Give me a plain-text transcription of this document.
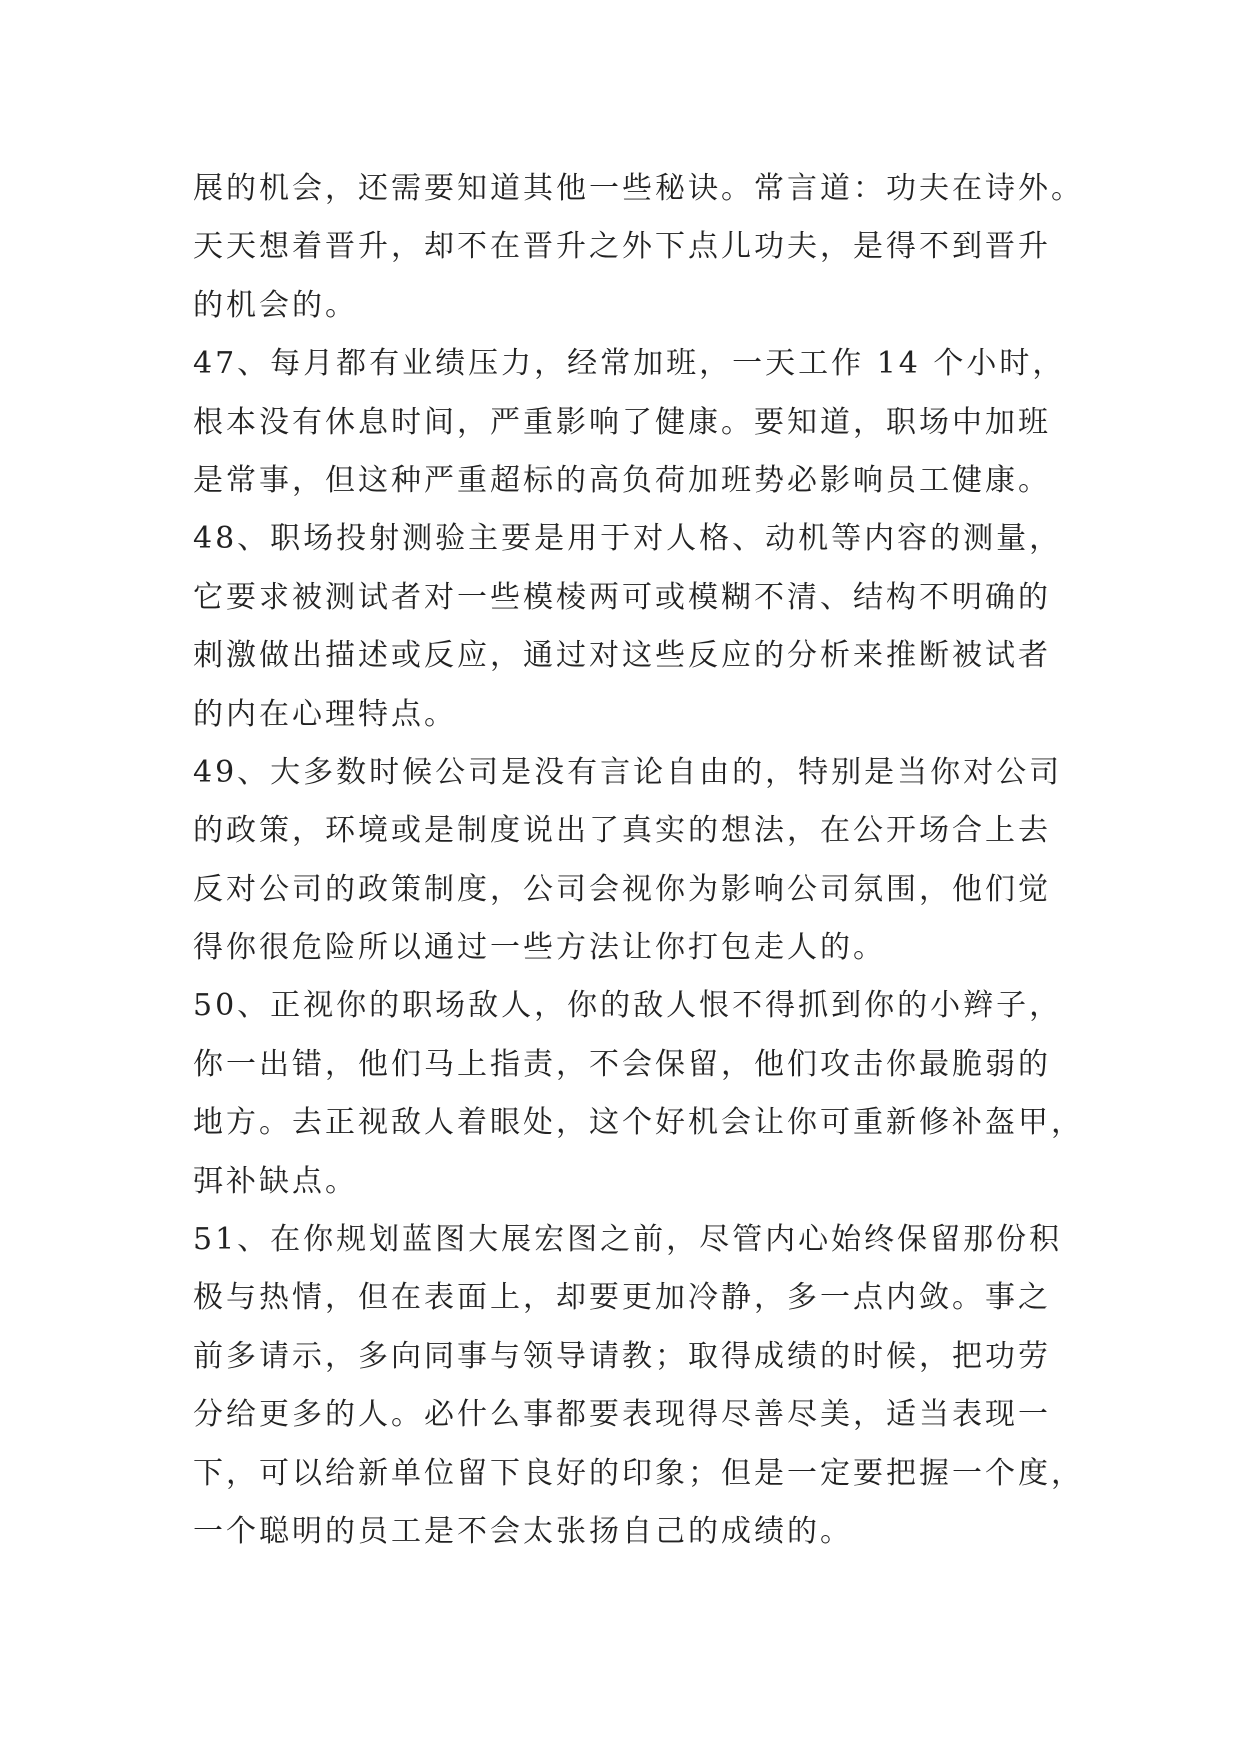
展的机会，还需要知道其他一些秘诀。常言道：功夫在诗外。
天天想着晋升，却不在晋升之外下点儿功夫，是得不到晋升
的机会的。
47、每月都有业绩压力，经常加班，一天工作 14 个小时，
根本没有休息时间，严重影响了健康。要知道，职场中加班
是常事，但这种严重超标的高负荷加班势必影响员工健康。
48、职场投射测验主要是用于对人格、动机等内容的测量，
它要求被测试者对一些模棱两可或模糊不清、结构不明确的
刺激做出描述或反应，通过对这些反应的分析来推断被试者
的内在心理特点。
49、大多数时候公司是没有言论自由的，特别是当你对公司
的政策，环境或是制度说出了真实的想法，在公开场合上去
反对公司的政策制度，公司会视你为影响公司氛围，他们觉
得你很危险所以通过一些方法让你打包走人的。
50、正视你的职场敌人，你的敌人恨不得抓到你的小辫子，
你一出错，他们马上指责，不会保留，他们攻击你最脆弱的
地方。去正视敌人着眼处，这个好机会让你可重新修补盔甲，
弭补缺点。
51、在你规划蓝图大展宏图之前，尽管内心始终保留那份积
极与热情，但在表面上，却要更加冷静，多一点内敛。事之
前多请示，多向同事与领导请教；取得成绩的时候，把功劳
分给更多的人。必什么事都要表现得尽善尽美，适当表现一
下，可以给新单位留下良好的印象；但是一定要把握一个度，
一个聪明的员工是不会太张扬自己的成绩的。
